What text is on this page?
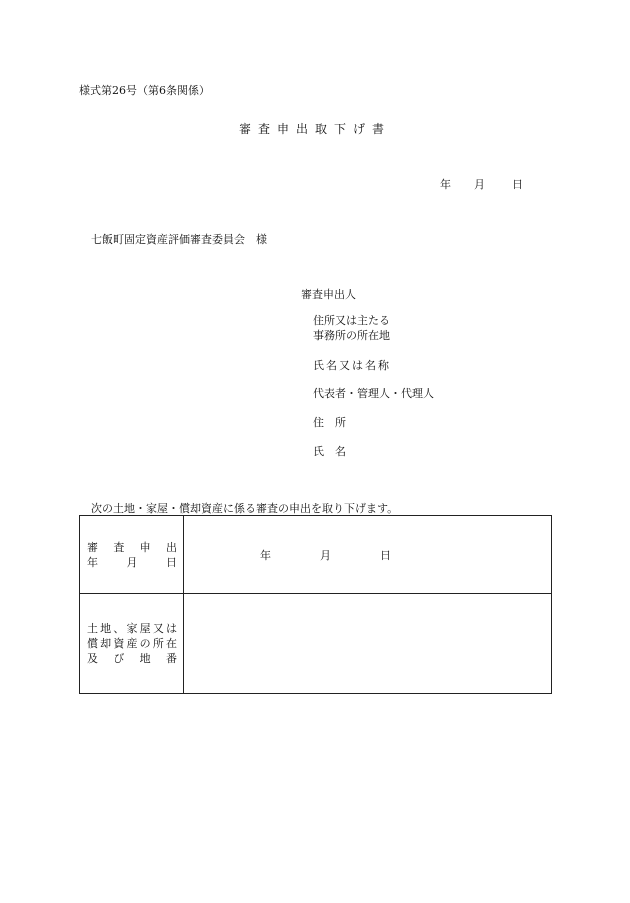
様式第26号（第6条関係）
審査申出取下げ書
年 月 日
七飯町固定資産評価審査委員会　様
審査申出人
住所又は主たる
事務所の所在地
氏名又は名称
代表者・管理人・代理人
住　所
氏　名
次の土地・家屋・償却資産に係る審査の申出を取り下げます。
審査申出
年月日	年 月 日

土地、家屋又は
償却資産の所在
及び地番	
